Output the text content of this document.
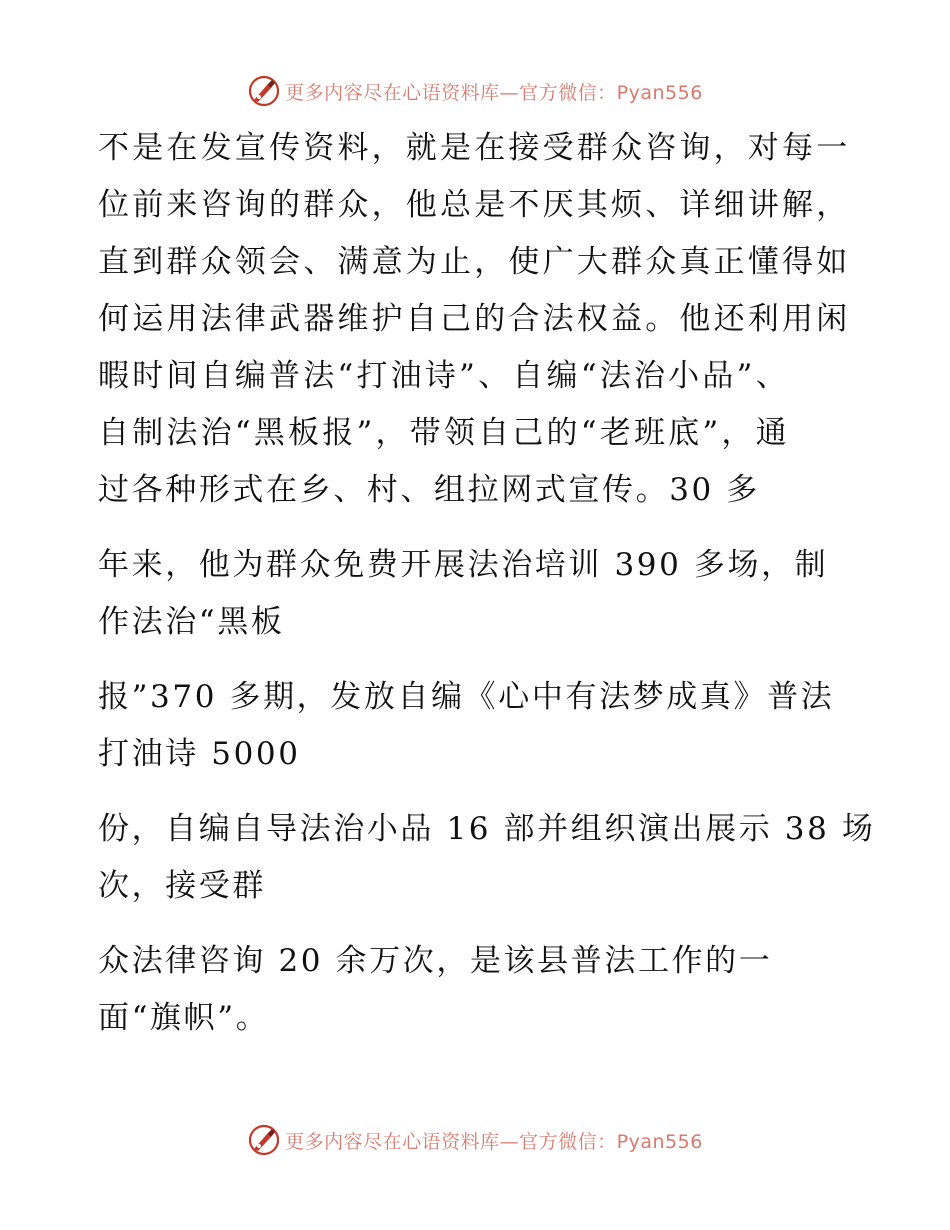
更多内容尽在心语资料库—官方微信：Pyan556
不是在发宣传资料，就是在接受群众咨询，对每一
位前来咨询的群众，他总是不厌其烦、详细讲解，
直到群众领会、满意为止，使广大群众真正懂得如
何运用法律武器维护自己的合法权益。他还利用闲
暇时间自编普法“打油诗”、自编“法治小品”、
自制法治“黑板报”，带领自己的“老班底”，通
过各种形式在乡、村、组拉网式宣传。30 多
年来，他为群众免费开展法治培训 390 多场，制
作法治“黑板
报”370 多期，发放自编《心中有法梦成真》普法
打油诗 5000
份，自编自导法治小品 16 部并组织演出展示 38 场
次，接受群
众法律咨询 20 余万次，是该县普法工作的一
面“旗帜”。
更多内容尽在心语资料库—官方微信：Pyan556
